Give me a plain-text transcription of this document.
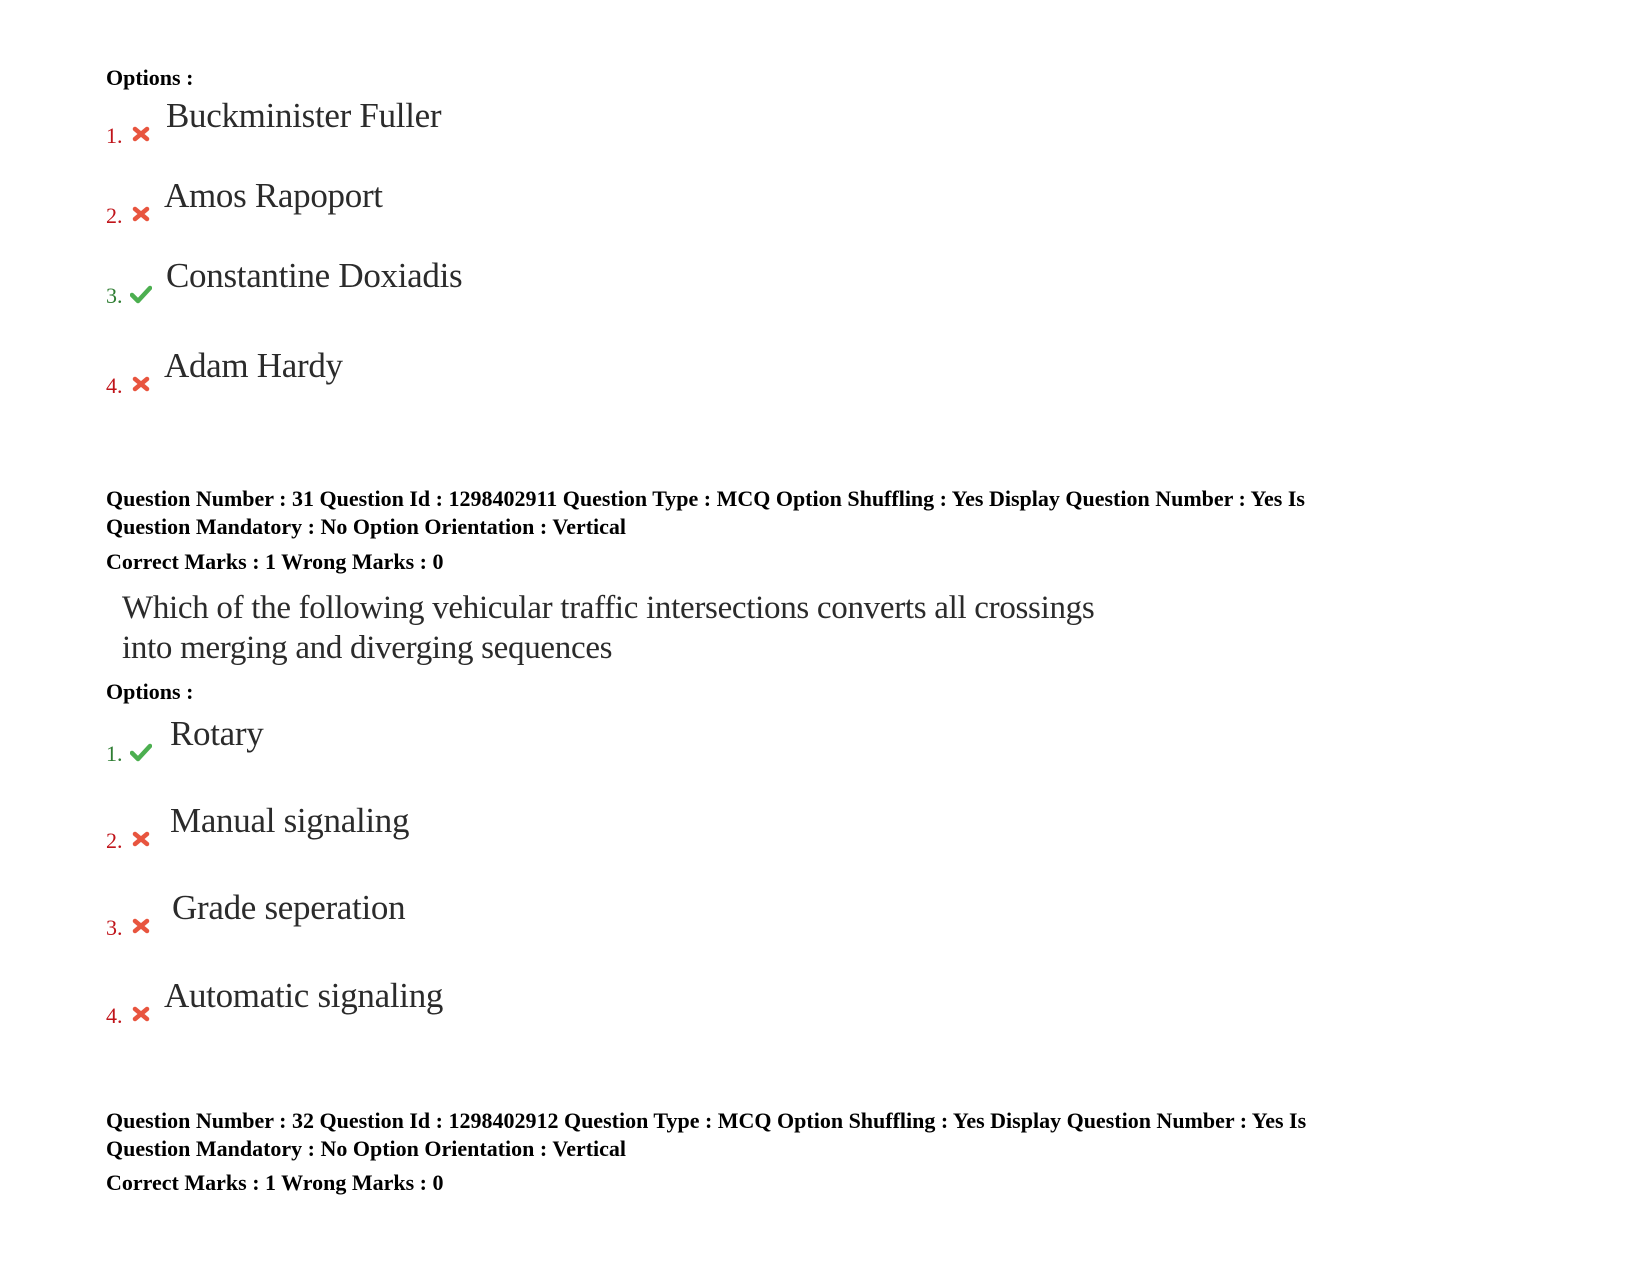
Options :
1.
Buckminister Fuller
2.
Amos Rapoport
3.
Constantine Doxiadis
4.
Adam Hardy
Question Number : 31 Question Id : 1298402911 Question Type : MCQ Option Shuffling : Yes Display Question Number : Yes Is
Question Mandatory : No Option Orientation : Vertical
Correct Marks : 1 Wrong Marks : 0
Which of the following vehicular traffic intersections converts all crossings
into merging and diverging sequences
Options :
1.
Rotary
2.
Manual signaling
3.
Grade seperation
4.
Automatic signaling
Question Number : 32 Question Id : 1298402912 Question Type : MCQ Option Shuffling : Yes Display Question Number : Yes Is
Question Mandatory : No Option Orientation : Vertical
Correct Marks : 1 Wrong Marks : 0
